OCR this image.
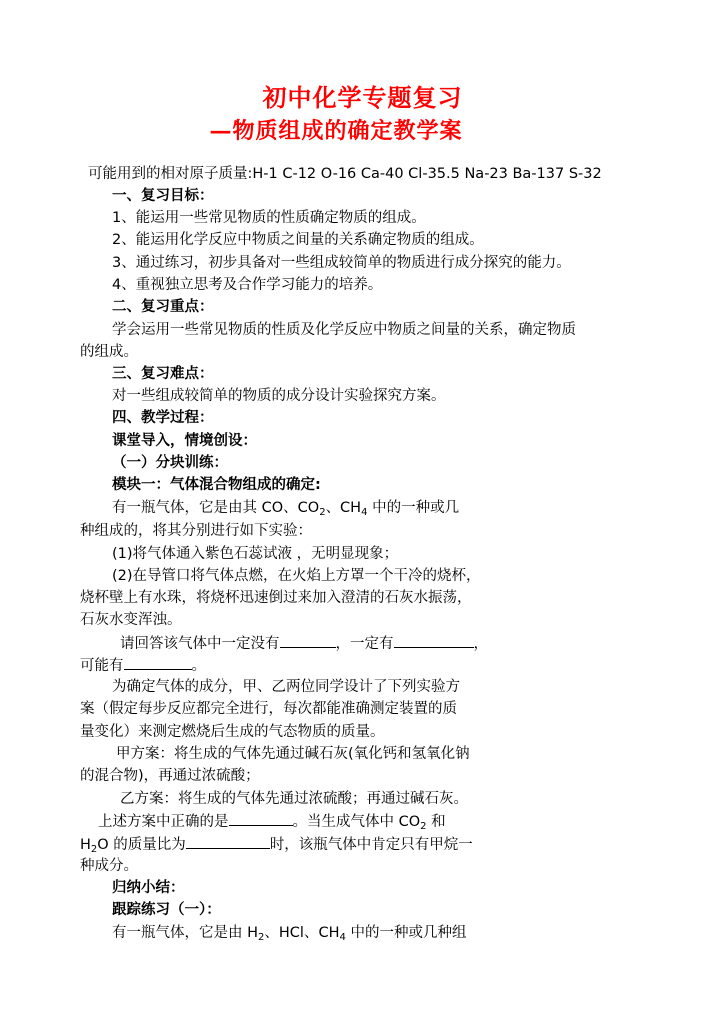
初中化学专题复习
—物质组成的确定教学案
可能用到的相对原子质量:H-1 C-12 O-16 Ca-40 Cl-35.5 Na-23 Ba-137 S-32
一、复习目标：
1、能运用一些常见物质的性质确定物质的组成。
2、能运用化学反应中物质之间量的关系确定物质的组成。
3、通过练习，初步具备对一些组成较简单的物质进行成分探究的能力。
4、重视独立思考及合作学习能力的培养。
二、复习重点：
学会运用一些常见物质的性质及化学反应中物质之间量的关系，确定物质
的组成。
三、复习难点：
对一些组成较简单的物质的成分设计实验探究方案。
四、教学过程：
课堂导入，情境创设：
（一）分块训练：
模块一：气体混合物组成的确定:
有一瓶气体，它是由其 CO、$CO_2$、$CH_4$ 中的一种或几
种组成的，将其分别进行如下实验：
(1)将气体通入紫色石蕊试液 ，无明显现象；
(2)在导管口将气体点燃，在火焰上方罩一个干冷的烧杯，
烧杯壁上有水珠，将烧杯迅速倒过来加入澄清的石灰水振荡，
石灰水变浑浊。
请回答该气体中一定没有	，一定有	，
可能有	。
为确定气体的成分，甲、乙两位同学设计了下列实验方
案（假定每步反应都完全进行，每次都能准确测定装置的质
量变化）来测定燃烧后生成的气态物质的质量。
甲方案：将生成的气体先通过碱石灰(氧化钙和氢氧化钠
的混合物)，再通过浓硫酸；
乙方案：将生成的气体先通过浓硫酸；再通过碱石灰。
上述方案中正确的是	。当生成气体中 $CO_2$ 和
$H_2O$ 的质量比为	时，该瓶气体中肯定只有甲烷一
种成分。
归纳小结：
跟踪练习（一）：
有一瓶气体，它是由 $H_2$、HCl、$CH_4$ 中的一种或几种组
